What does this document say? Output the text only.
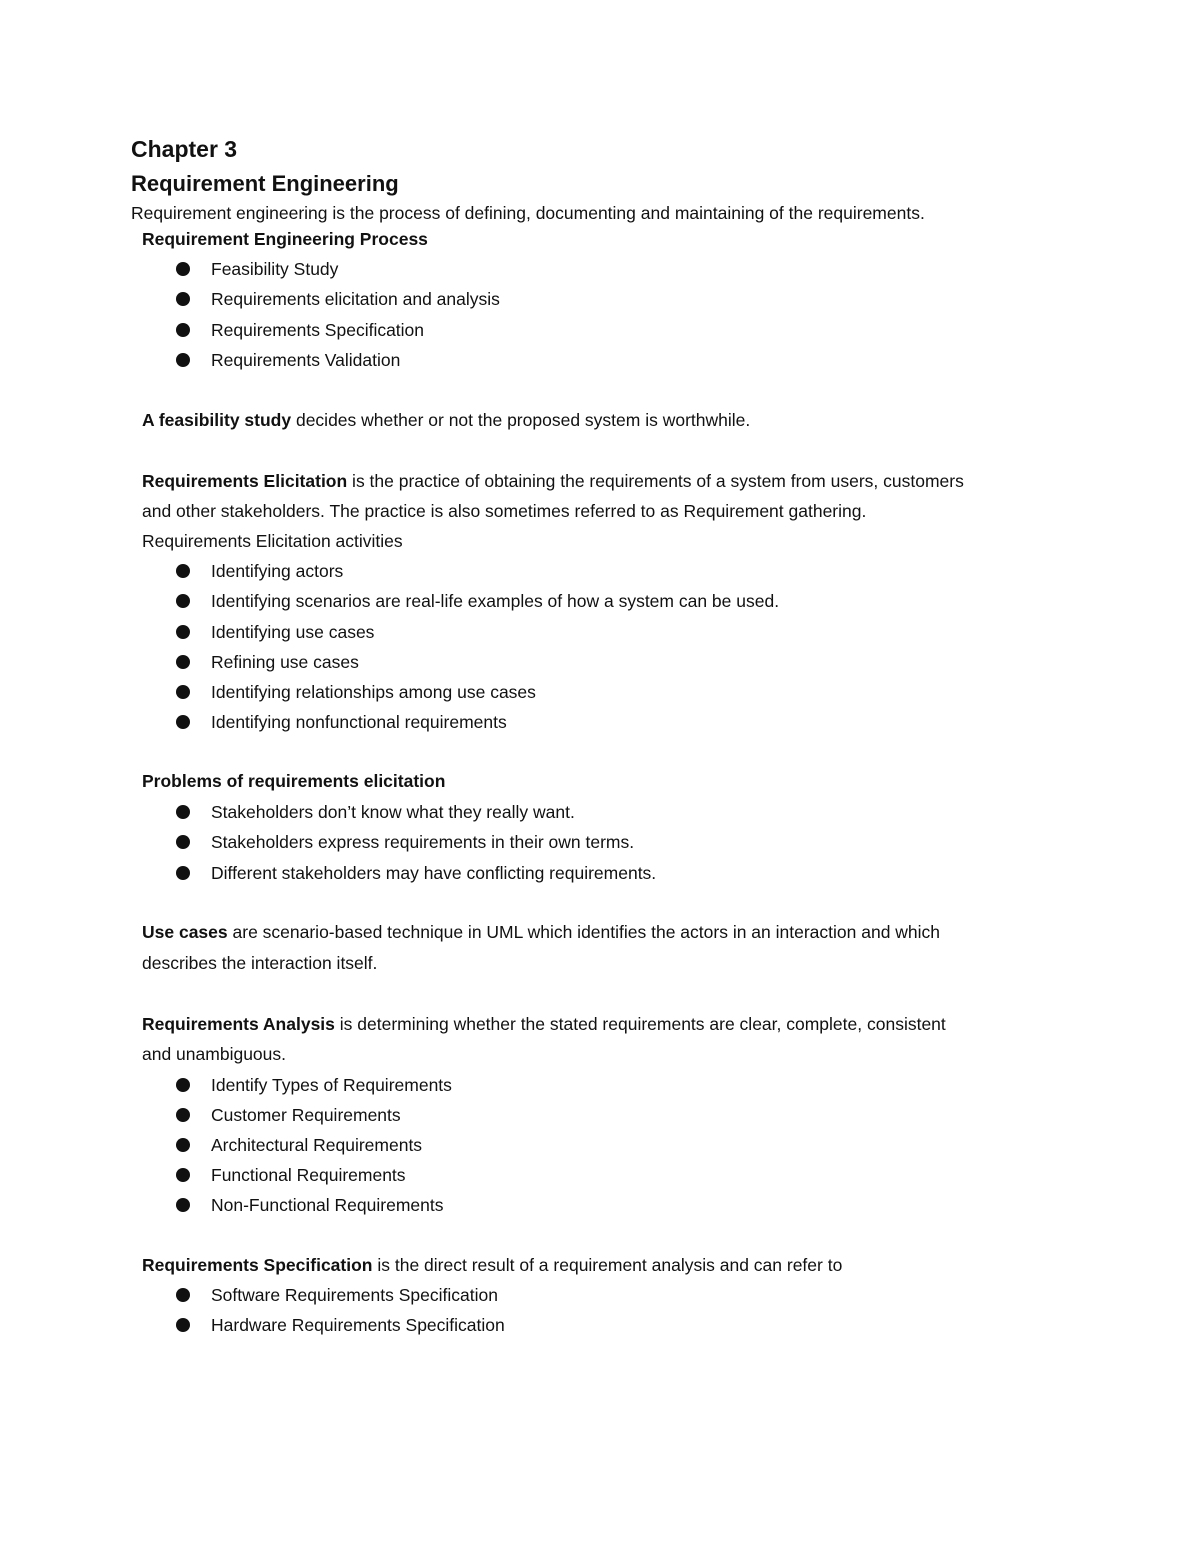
Chapter 3
Requirement Engineering
Requirement engineering is the process of defining, documenting and maintaining of the requirements.
Requirement Engineering Process
Feasibility Study
Requirements elicitation and analysis
Requirements Specification
Requirements Validation
A feasibility study decides whether or not the proposed system is worthwhile.
Requirements Elicitation is the practice of obtaining the requirements of a system from users, customers
and other stakeholders. The practice is also sometimes referred to as Requirement gathering.
Requirements Elicitation activities
Identifying actors
Identifying scenarios are real-life examples of how a system can be used.
Identifying use cases
Refining use cases
Identifying relationships among use cases
Identifying nonfunctional requirements
Problems of requirements elicitation
Stakeholders don’t know what they really want.
Stakeholders express requirements in their own terms.
Different stakeholders may have conflicting requirements.
Use cases are scenario-based technique in UML which identifies the actors in an interaction and which
describes the interaction itself.
Requirements Analysis is determining whether the stated requirements are clear, complete, consistent
and unambiguous.
Identify Types of Requirements
Customer Requirements
Architectural Requirements
Functional Requirements
Non-Functional Requirements
Requirements Specification is the direct result of a requirement analysis and can refer to
Software Requirements Specification
Hardware Requirements Specification
